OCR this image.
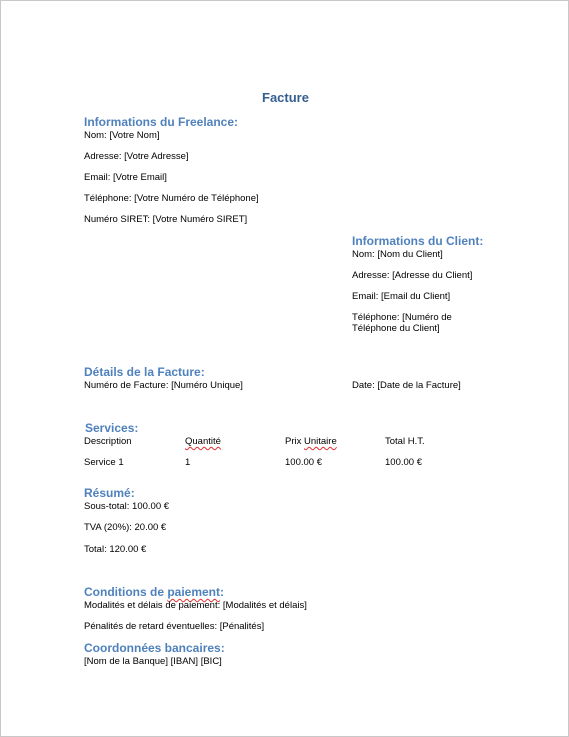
Facture
Informations du Freelance:
Nom: [Votre Nom]
Adresse: [Votre Adresse]
Email: [Votre Email]
Téléphone: [Votre Numéro de Téléphone]
Numéro SIRET: [Votre Numéro SIRET]
Informations du Client:
Nom: [Nom du Client]
Adresse: [Adresse du Client]
Email: [Email du Client]
Téléphone: [Numéro de Téléphone du Client]
Détails de la Facture:
Numéro de Facture: [Numéro Unique]	Date: [Date de la Facture]
Services:
Description	Quantité	Prix Unitaire	Total H.T.
Service 1	1	100.00 €	100.00 €
Résumé:
Sous-total: 100.00 €
TVA (20%): 20.00 €
Total: 120.00 €
Conditions de paiement:
Modalités et délais de paiement: [Modalités et délais]
Pénalités de retard éventuelles: [Pénalités]
Coordonnées bancaires:
[Nom de la Banque] [IBAN] [BIC]
